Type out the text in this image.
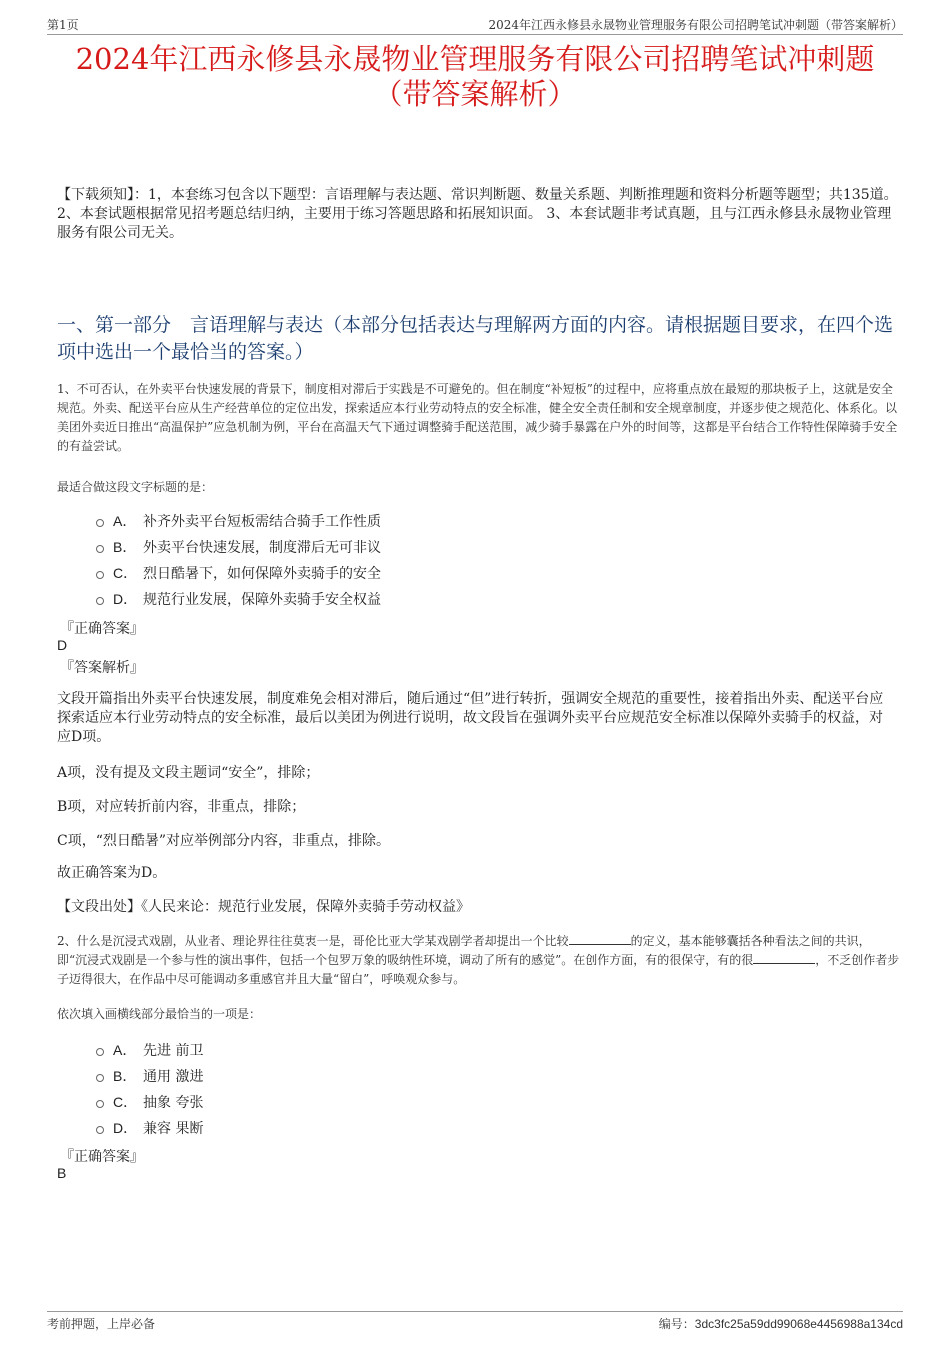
第1页	2024年江西永修县永晟物业管理服务有限公司招聘笔试冲刺题（带答案解析）
2024年江西永修县永晟物业管理服务有限公司招聘笔试冲刺题
（带答案解析）
【下载须知】：1，本套练习包含以下题型：言语理解与表达题、常识判断题、数量关系题、判断推理题和资料分析题等题型；共135道。 2、本套试题根据常见招考题总结归纳，主要用于练习答题思路和拓展知识面。 3、本套试题非考试真题，且与江西永修县永晟物业管理服务有限公司无关。
一、第一部分　言语理解与表达（本部分包括表达与理解两方面的内容。请根据题目要求，在四个选项中选出一个最恰当的答案。）
1、不可否认，在外卖平台快速发展的背景下，制度相对滞后于实践是不可避免的。但在制度“补短板”的过程中，应将重点放在最短的那块板子上，这就是安全规范。外卖、配送平台应从生产经营单位的定位出发，探索适应本行业劳动特点的安全标准，健全安全责任制和安全规章制度，并逐步使之规范化、体系化。以美团外卖近日推出“高温保护”应急机制为例，平台在高温天气下通过调整骑手配送范围，减少骑手暴露在户外的时间等，这都是平台结合工作特性保障骑手安全的有益尝试。
最适合做这段文字标题的是：
A． 补齐外卖平台短板需结合骑手工作性质
B． 外卖平台快速发展，制度滞后无可非议
C． 烈日酷暑下，如何保障外卖骑手的安全
D． 规范行业发展，保障外卖骑手安全权益
『正确答案』
D
『答案解析』
文段开篇指出外卖平台快速发展，制度难免会相对滞后，随后通过“但”进行转折，强调安全规范的重要性，接着指出外卖、配送平台应探索适应本行业劳动特点的安全标准，最后以美团为例进行说明，故文段旨在强调外卖平台应规范安全标准以保障外卖骑手的权益，对应D项。
A项，没有提及文段主题词“安全”，排除；
B项，对应转折前内容，非重点，排除；
C项，“烈日酷暑”对应举例部分内容，非重点，排除。
故正确答案为D。
【文段出处】《人民来论：规范行业发展，保障外卖骑手劳动权益》
2、什么是沉浸式戏剧，从业者、理论界往往莫衷一是，哥伦比亚大学某戏剧学者却提出一个比较	的定义，基本能够囊括各种看法之间的共识，即“沉浸式戏剧是一个参与性的演出事件，包括一个包罗万象的吸纳性环境，调动了所有的感觉”。在创作方面，有的很保守，有的很	，不乏创作者步子迈得很大，在作品中尽可能调动多重感官并且大量“留白”，呼唤观众参与。
依次填入画横线部分最恰当的一项是：
A． 先进 前卫
B． 通用 激进
C． 抽象 夸张
D． 兼容 果断
『正确答案』
B
考前押题，上岸必备	编号：3dc3fc25a59dd99068e4456988a134cd
